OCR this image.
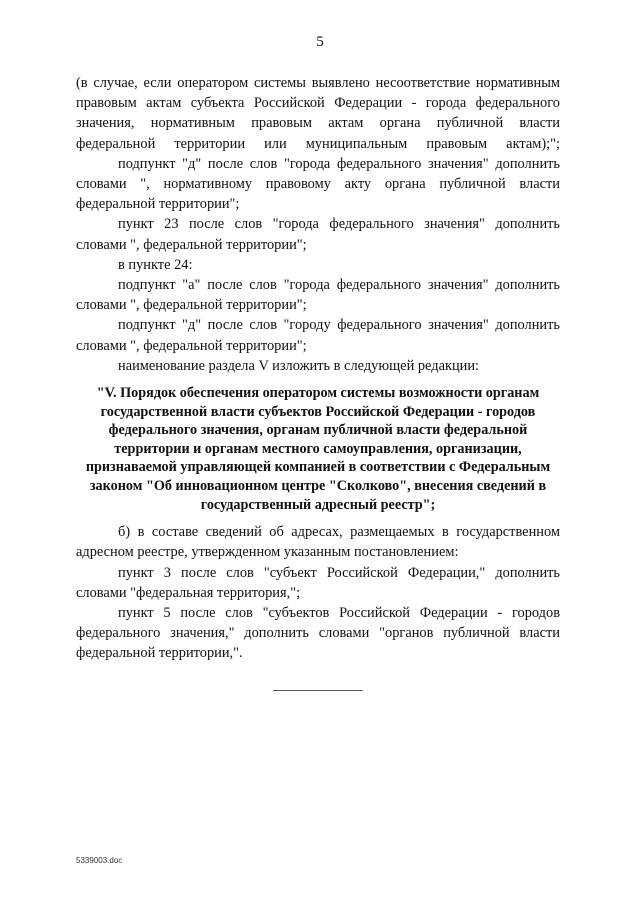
5

(в случае, если оператором системы выявлено несоответствие нормативным правовым актам субъекта Российской Федерации - города федерального значения, нормативным правовым актам органа публичной власти федеральной территории или муниципальным правовым актам);";

подпункт "д" после слов "города федерального значения" дополнить словами ", нормативному правовому акту органа публичной власти федеральной территории";

пункт 23 после слов "города федерального значения" дополнить словами ", федеральной территории";

в пункте 24:

подпункт "а" после слов "города федерального значения" дополнить словами ", федеральной территории";

подпункт "д" после слов "городу федерального значения" дополнить словами ", федеральной территории";

наименование раздела V изложить в следующей редакции:

"V. Порядок обеспечения оператором системы возможности органам государственной власти субъектов Российской Федерации - городов федерального значения, органам публичной власти федеральной территории и органам местного самоуправления, организации, признаваемой управляющей компанией в соответствии с Федеральным законом "Об инновационном центре "Сколково", внесения сведений в государственный адресный реестр";

б) в составе сведений об адресах, размещаемых в государственном адресном реестре, утвержденном указанным постановлением:

пункт 3 после слов "субъект Российской Федерации," дополнить словами "федеральная территория,";

пункт 5 после слов "субъектов Российской Федерации - городов федерального значения," дополнить словами "органов публичной власти федеральной территории,".

5339003.doc
